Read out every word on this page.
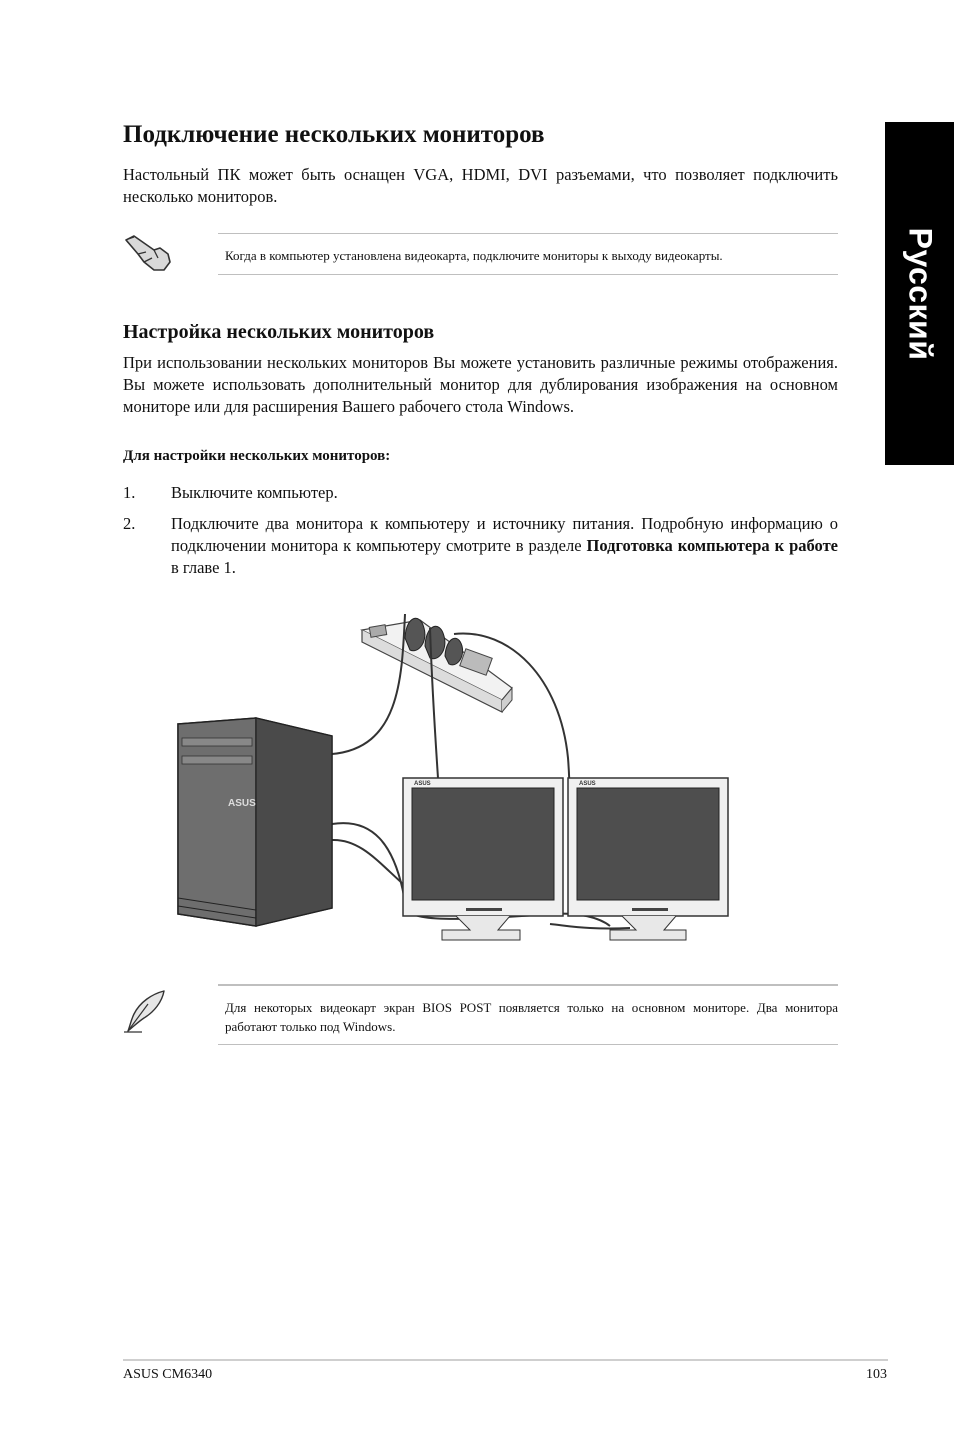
Русский
Подключение нескольких мониторов

Настольный ПК может быть оснащен VGA, HDMI, DVI разъемами, что позволяет подключить несколько мониторов.

Когда в компьютер установлена видеокарта, подключите мониторы к выходу видеокарты.

Настройка нескольких мониторов

При использовании нескольких мониторов Вы можете установить различные режимы отображения. Вы можете использовать дополнительный монитор для дублирования изображения на основном мониторе или для расширения Вашего рабочего стола Windows.

Для настройки нескольких мониторов:

1. Выключите компьютер.

2. Подключите два монитора к компьютеру и источнику питания. Подробную информацию о подключении монитора к компьютеру смотрите в разделе Подготовка компьютера к работе в главе 1.

ASUS
ASUS	ASUS

Для некоторых видеокарт экран BIOS POST появляется только на основном мониторе. Два монитора работают только под Windows.

ASUS CM6340	103
